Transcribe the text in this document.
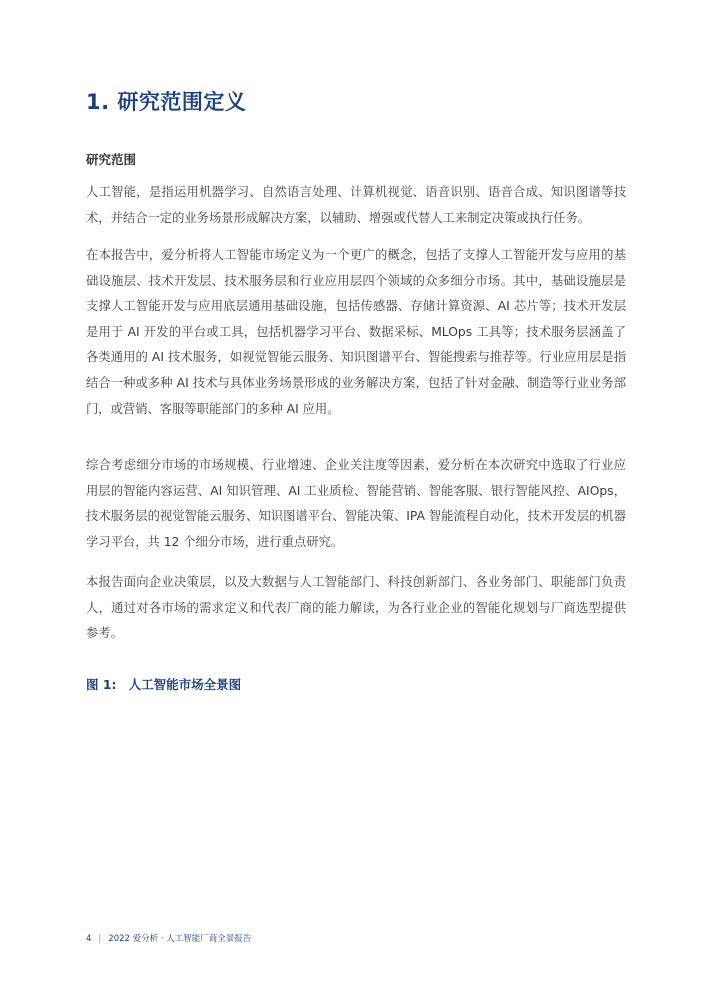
1. 研究范围定义
研究范围

人工智能，是指运用机器学习、自然语言处理、计算机视觉、语音识别、语音合成、知识图谱等技术，并结合一定的业务场景形成解决方案，以辅助、增强或代替人工来制定决策或执行任务。

在本报告中，爱分析将人工智能市场定义为一个更广的概念，包括了支撑人工智能开发与应用的基础设施层、技术开发层、技术服务层和行业应用层四个领域的众多细分市场。其中，基础设施层是支撑人工智能开发与应用底层通用基础设施，包括传感器、存储计算资源、AI 芯片等；技术开发层是用于 AI 开发的平台或工具，包括机器学习平台、数据采标、MLOps 工具等；技术服务层涵盖了各类通用的 AI 技术服务，如视觉智能云服务、知识图谱平台、智能搜索与推荐等。行业应用层是指结合一种或多种 AI 技术与具体业务场景形成的业务解决方案，包括了针对金融、制造等行业业务部门，或营销、客服等职能部门的多种 AI 应用。

综合考虑细分市场的市场规模、行业增速、企业关注度等因素，爱分析在本次研究中选取了行业应用层的智能内容运营、AI 知识管理、AI 工业质检、智能营销、智能客服、银行智能风控、AIOps，技术服务层的视觉智能云服务、知识图谱平台、智能决策、IPA 智能流程自动化，技术开发层的机器学习平台，共 12 个细分市场，进行重点研究。

本报告面向企业决策层，以及大数据与人工智能部门、科技创新部门、各业务部门、职能部门负责人，通过对各市场的需求定义和代表厂商的能力解读，为各行业企业的智能化规划与厂商选型提供参考。

图 1: 人工智能市场全景图
4 | 2022 爱分析 · 人工智能厂商全景报告
